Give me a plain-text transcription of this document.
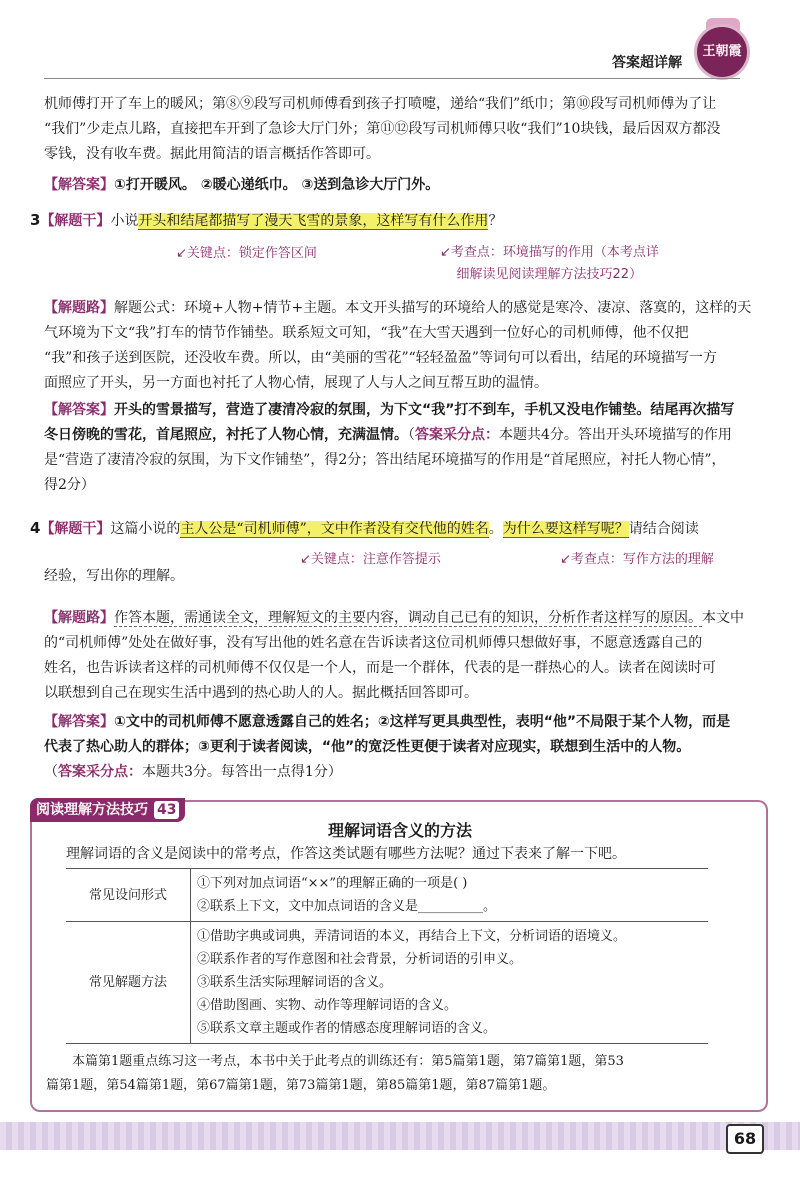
王朝霞
答案超详解
机师傅打开了车上的暖风；第⑧⑨段写司机师傅看到孩子打喷嚏，递给“我们”纸巾；第⑩段写司机师傅为了让
“我们”少走点儿路，直接把车开到了急诊大厅门外；第⑪⑫段写司机师傅只收“我们”10块钱，最后因双方都没
零钱，没有收车费。据此用简洁的语言概括作答即可。
【解答案】①打开暖风。 ②暖心递纸巾。 ③送到急诊大厅门外。
3【解题干】小说开头和结尾都描写了漫天飞雪的景象，这样写有什么作用？
↙关键点：锁定作答区间	↙考查点：环境描写的作用（本考点详
细解读见阅读理解方法技巧22）
【解题路】解题公式：环境+人物+情节+主题。本文开头描写的环境给人的感觉是寒冷、凄凉、落寞的，这样的天
气环境为下文“我”打车的情节作铺垫。联系短文可知，“我”在大雪天遇到一位好心的司机师傅，他不仅把
“我”和孩子送到医院，还没收车费。所以，由“美丽的雪花”“轻轻盈盈”等词句可以看出，结尾的环境描写一方
面照应了开头，另一方面也衬托了人物心情，展现了人与人之间互帮互助的温情。
【解答案】开头的雪景描写，营造了凄清冷寂的氛围，为下文“我”打不到车，手机又没电作铺垫。结尾再次描写
冬日傍晚的雪花，首尾照应，衬托了人物心情，充满温情。（答案采分点：本题共4分。答出开头环境描写的作用
是“营造了凄清冷寂的氛围，为下文作铺垫”，得2分；答出结尾环境描写的作用是“首尾照应，衬托人物心情”，
得2分）
4【解题干】这篇小说的主人公是“司机师傅”，文中作者没有交代他的姓名。为什么要这样写呢？请结合阅读
↙关键点：注意作答提示	↙考查点：写作方法的理解
经验，写出你的理解。
【解题路】作答本题，需通读全文，理解短文的主要内容，调动自己已有的知识，分析作者这样写的原因。本文中
的“司机师傅”处处在做好事，没有写出他的姓名意在告诉读者这位司机师傅只想做好事，不愿意透露自己的
姓名，也告诉读者这样的司机师傅不仅仅是一个人，而是一个群体，代表的是一群热心的人。读者在阅读时可
以联想到自己在现实生活中遇到的热心助人的人。据此概括回答即可。
【解答案】①文中的司机师傅不愿意透露自己的姓名；②这样写更具典型性，表明“他”不局限于某个人物，而是
代表了热心助人的群体；③更利于读者阅读，“他”的宽泛性更便于读者对应现实，联想到生活中的人物。
（答案采分点：本题共3分。每答出一点得1分）
阅读理解方法技巧 43
理解词语含义的方法
理解词语的含义是阅读中的常考点，作答这类试题有哪些方法呢？通过下表来了解一下吧。
常见设问形式	①下列对加点词语“××”的理解正确的一项是( )
②联系上下文，文中加点词语的含义是__________。

常见解题方法	①借助字典或词典，弄清词语的本义，再结合上下文，分析词语的语境义。
②联系作者的写作意图和社会背景，分析词语的引申义。
③联系生活实际理解词语的含义。
④借助图画、实物、动作等理解词语的含义。
⑤联系文章主题或作者的情感态度理解词语的含义。
本篇第1题重点练习这一考点，本书中关于此考点的训练还有：第5篇第1题，第7篇第1题，第53
篇第1题，第54篇第1题，第67篇第1题，第73篇第1题，第85篇第1题，第87篇第1题。
68
